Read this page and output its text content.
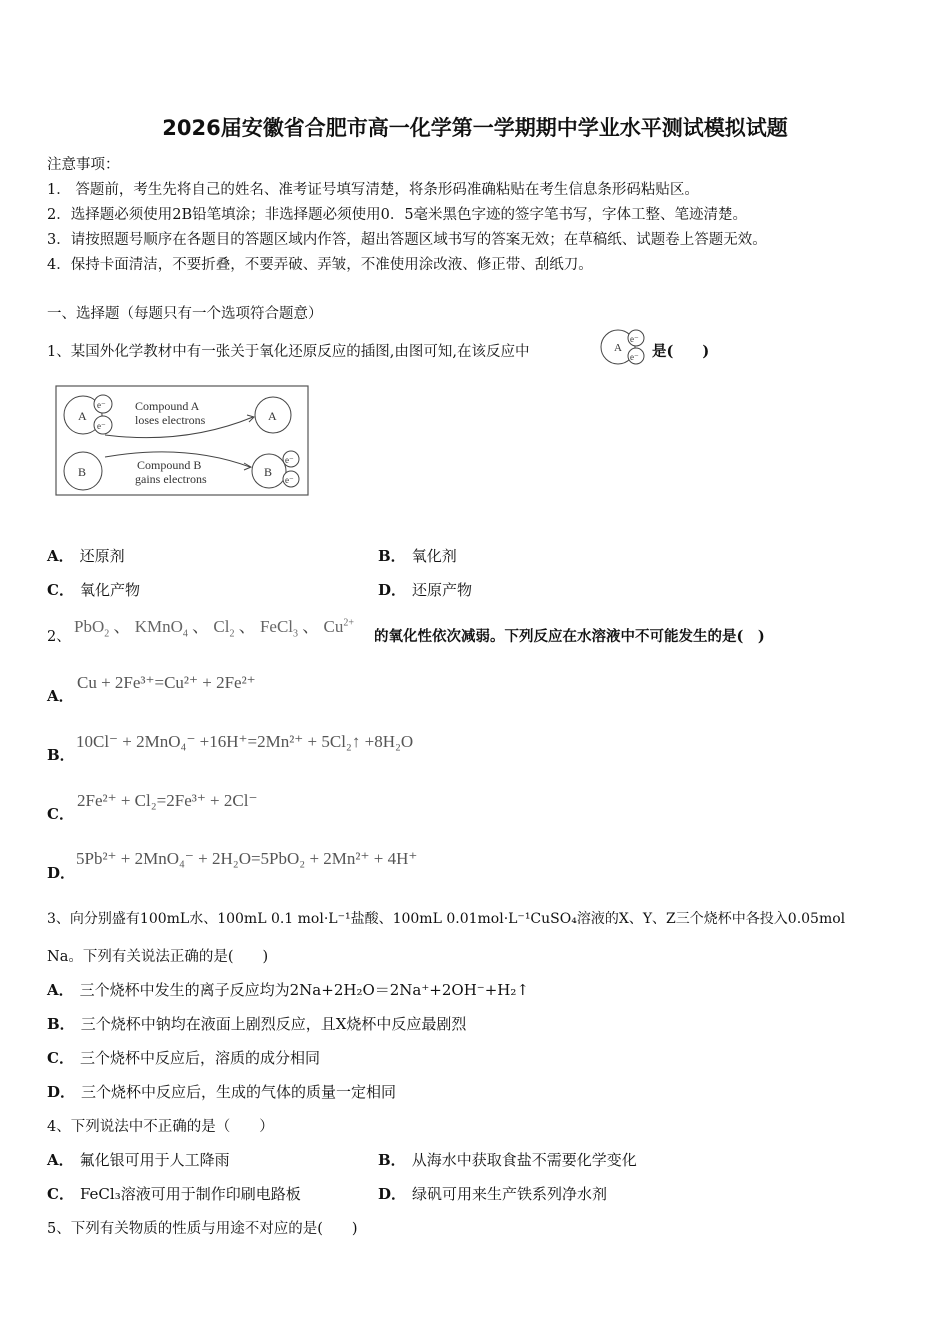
2026届安徽省合肥市高一化学第一学期期中学业水平测试模拟试题
注意事项：
1． 答题前，考生先将自己的姓名、准考证号填写清楚，将条形码准确粘贴在考生信息条形码粘贴区。
2．选择题必须使用2B铅笔填涂；非选择题必须使用0．5毫米黑色字迹的签字笔书写，字体工整、笔迹清楚。
3．请按照题号顺序在各题目的答题区域内作答，超出答题区域书写的答案无效；在草稿纸、试题卷上答题无效。
4．保持卡面清洁，不要折叠，不要弄破、弄皱，不准使用涂改液、修正带、刮纸刀。
一、选择题（每题只有一个选项符合题意）
1、某国外化学教材中有一张关于氧化还原反应的插图,由图可知,在该反应中	A
e⁻
e⁻ 是(　　)
A
e⁻
e⁻
Compound A
loses electrons	A
B	Compound B
gains electrons	B
e⁻
e⁻
A． 还原剂	B． 氧化剂
C． 氧化产物	D． 还原产物
2、
PbO$_2$ 、 KMnO$_4$ 、 $Cl_2$ 、 FeCl$_3$ 、 $Cu^{2+}$
的氧化性依次减弱。下列反应在水溶液中不可能发生的是(　)
A．
Cu + 2Fe³⁺=Cu²⁺ + 2Fe²⁺
B．
10Cl⁻ + 2MnO₄⁻ +16H⁺=2Mn²⁺ + 5Cl₂↑ +8H₂O
C．
2Fe²⁺ + Cl₂=2Fe³⁺ + 2Cl⁻
D．
5Pb²⁺ + 2MnO₄⁻ + 2H₂O=5PbO₂ + 2Mn²⁺ + 4H⁺
3、向分别盛有100mL水、100mL 0.1 mol·L⁻¹盐酸、100mL 0.01mol·L⁻¹CuSO₄溶液的X、Y、Z三个烧杯中各投入0.05mol
Na。下列有关说法正确的是(　　)
A． 三个烧杯中发生的离子反应均为2Na+2H₂O＝2Na⁺+2OH⁻+H₂↑
B． 三个烧杯中钠均在液面上剧烈反应，且X烧杯中反应最剧烈
C． 三个烧杯中反应后，溶质的成分相同
D． 三个烧杯中反应后，生成的气体的质量一定相同
4、下列说法中不正确的是（　　）
A． 氟化银可用于人工降雨	B． 从海水中获取食盐不需要化学变化
C． FeCl₃溶液可用于制作印刷电路板	D． 绿矾可用来生产铁系列净水剂
5、下列有关物质的性质与用途不对应的是(　　)
